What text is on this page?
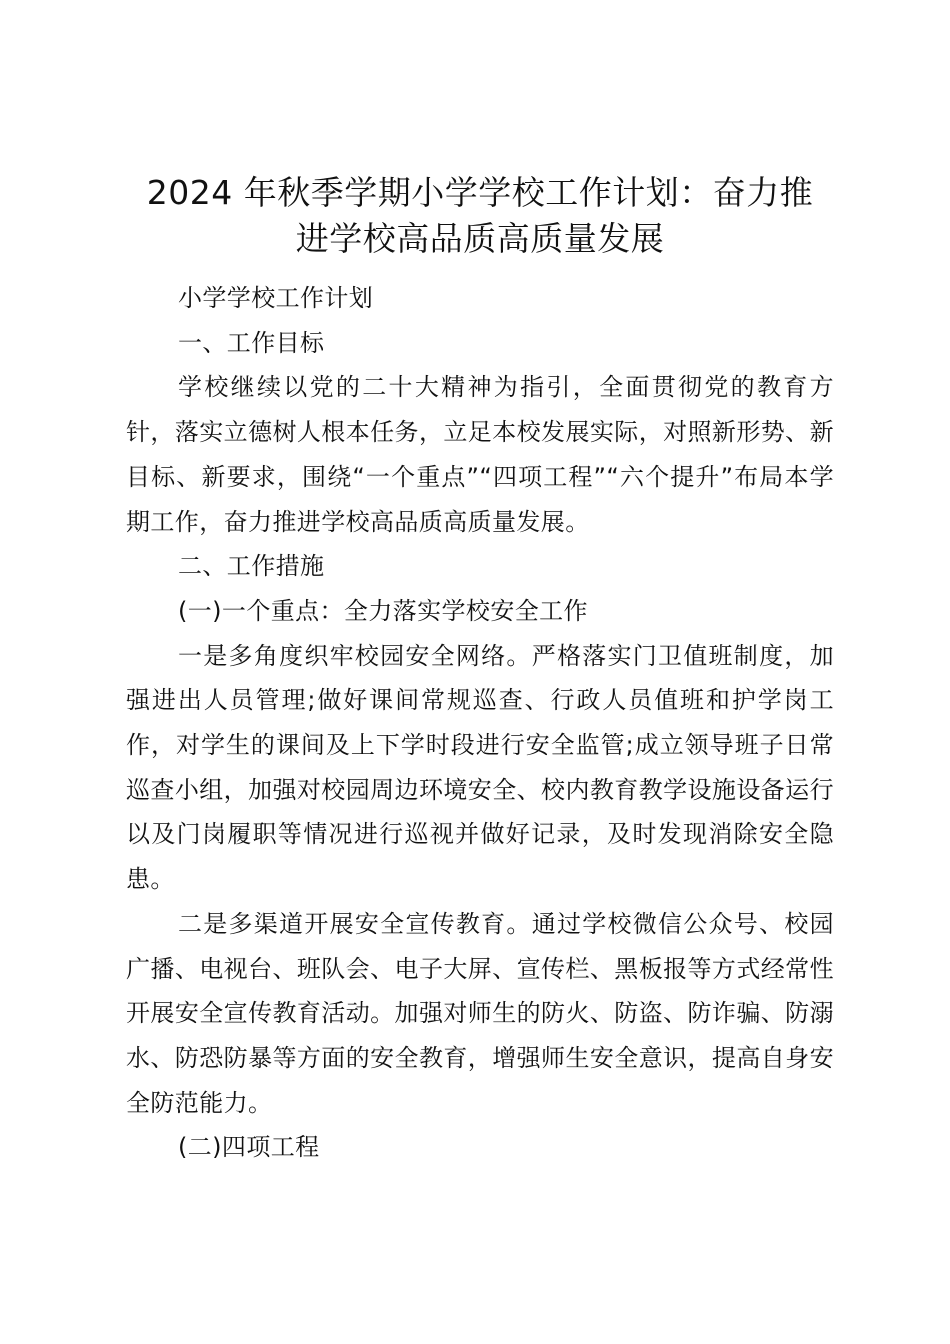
2024 年秋季学期小学学校工作计划：奋力推
进学校高品质高质量发展

小学学校工作计划

一、工作目标

学校继续以党的二十大精神为指引，全面贯彻党的教育方针，落实立德树人根本任务，立足本校发展实际，对照新形势、新目标、新要求，围绕“一个重点”“四项工程”“六个提升”布局本学期工作，奋力推进学校高品质高质量发展。

二、工作措施

(一)一个重点：全力落实学校安全工作

一是多角度织牢校园安全网络。严格落实门卫值班制度，加强进出人员管理;做好课间常规巡查、行政人员值班和护学岗工作，对学生的课间及上下学时段进行安全监管;成立领导班子日常巡查小组，加强对校园周边环境安全、校内教育教学设施设备运行以及门岗履职等情况进行巡视并做好记录，及时发现消除安全隐患。

二是多渠道开展安全宣传教育。通过学校微信公众号、校园广播、电视台、班队会、电子大屏、宣传栏、黑板报等方式经常性开展安全宣传教育活动。加强对师生的防火、防盗、防诈骗、防溺水、防恐防暴等方面的安全教育，增强师生安全意识，提高自身安全防范能力。

(二)四项工程
